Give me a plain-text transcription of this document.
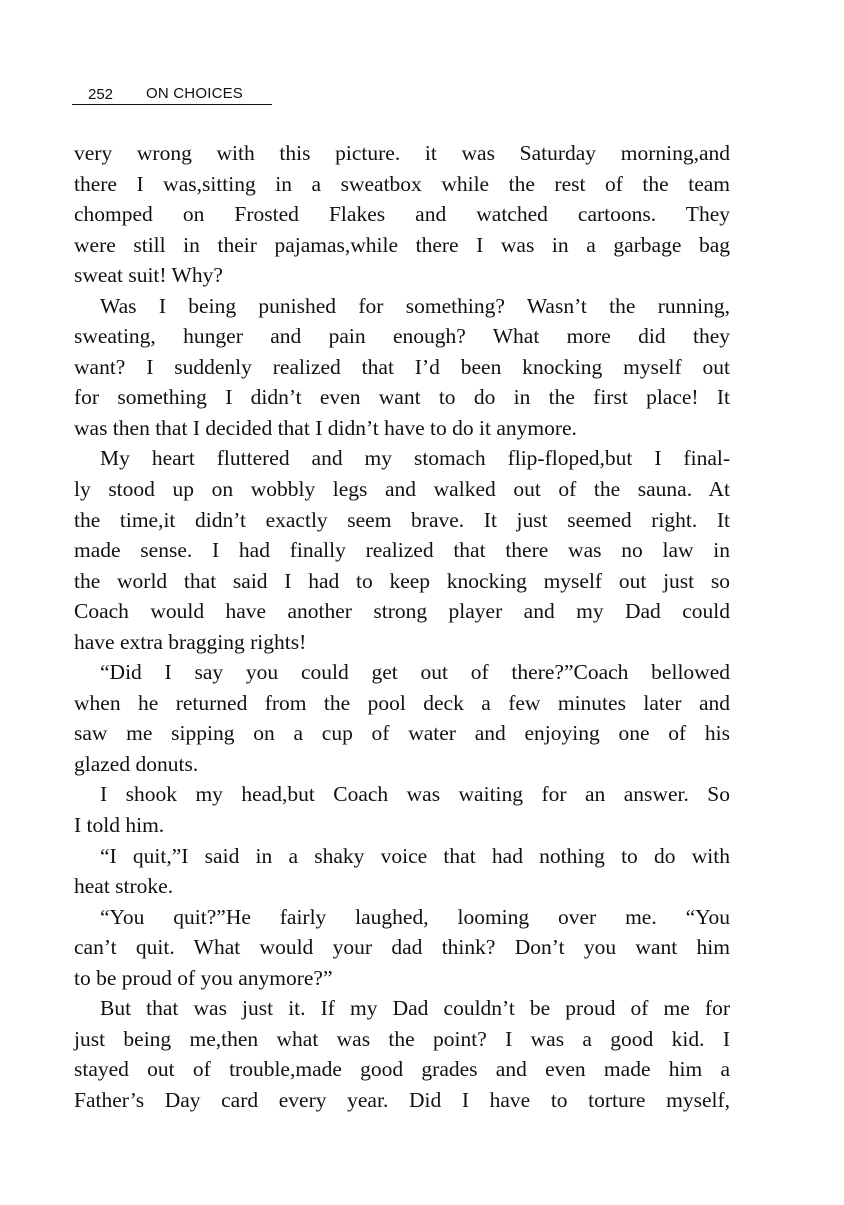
252 ON CHOICES
very wrong with this picture. it was Saturday morning,and
there I was,sitting in a sweatbox while the rest of the team
chomped on Frosted Flakes and watched cartoons. They
were still in their pajamas,while there I was in a garbage bag
sweat suit! Why?
Was I being punished for something? Wasn’t the running,
sweating, hunger and pain enough? What more did they
want? I suddenly realized that I’d been knocking myself out
for something I didn’t even want to do in the first place! It
was then that I decided that I didn’t have to do it anymore.
My heart fluttered and my stomach flip-floped,but I final-
ly stood up on wobbly legs and walked out of the sauna. At
the time,it didn’t exactly seem brave. It just seemed right. It
made sense. I had finally realized that there was no law in
the world that said I had to keep knocking myself out just so
Coach would have another strong player and my Dad could
have extra bragging rights!
“Did I say you could get out of there?”Coach bellowed
when he returned from the pool deck a few minutes later and
saw me sipping on a cup of water and enjoying one of his
glazed donuts.
I shook my head,but Coach was waiting for an answer. So
I told him.
“I quit,”I said in a shaky voice that had nothing to do with
heat stroke.
“You quit?”He fairly laughed, looming over me. “You
can’t quit. What would your dad think? Don’t you want him
to be proud of you anymore?”
But that was just it. If my Dad couldn’t be proud of me for
just being me,then what was the point? I was a good kid. I
stayed out of trouble,made good grades and even made him a
Father’s Day card every year. Did I have to torture myself,
